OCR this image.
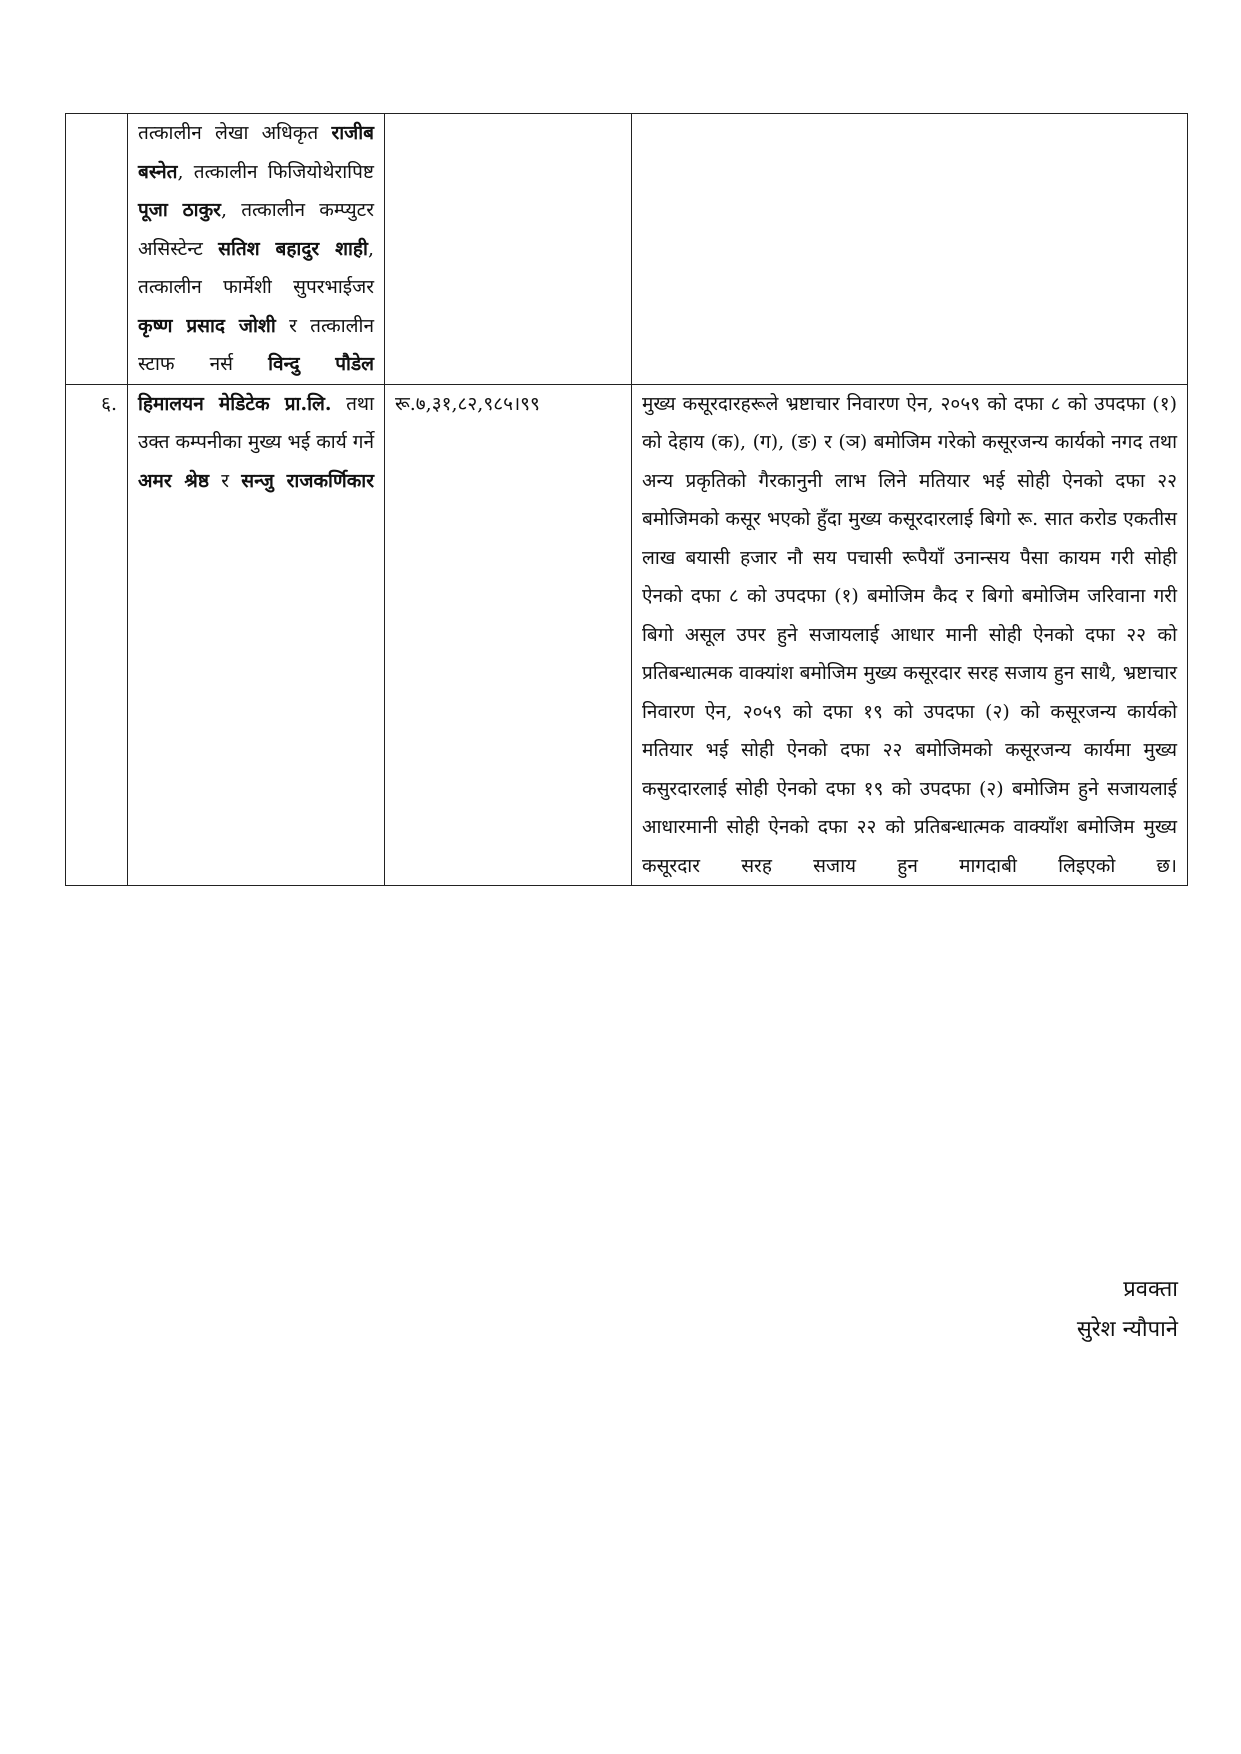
	तत्कालीन लेखा अधिकृत राजीब बस्नेत, तत्कालीन फिजियोथेरापिष्ट पूजा ठाकुर, तत्कालीन कम्प्युटर असिस्टेन्ट सतिश बहादुर शाही, तत्कालीन फार्मेशी सुपरभाईजर कृष्ण प्रसाद जोशी र तत्कालीन स्टाफ नर्स विन्दु पौडेल		
६.	हिमालयन मेडिटेक प्रा.लि. तथा उक्त कम्पनीका मुख्य भई कार्य गर्ने अमर श्रेष्ठ र सन्जु राजकर्णिकार	रू.७,३१,८२,९८५।९९	मुख्य कसूरदारहरूले भ्रष्टाचार निवारण ऐन, २०५९ को दफा ८ को उपदफा (१) को देहाय (क), (ग), (ङ) र (ञ) बमोजिम गरेको कसूरजन्य कार्यको नगद तथा अन्य प्रकृतिको गैरकानुनी लाभ लिने मतियार भई सोही ऐनको दफा २२ बमोजिमको कसूर भएको हुँदा मुख्य कसूरदारलाई बिगो रू. सात करोड एकतीस लाख बयासी हजार नौ सय पचासी रूपैयाँ उनान्सय पैसा कायम गरी सोही ऐनको दफा ८ को उपदफा (१) बमोजिम कैद र बिगो बमोजिम जरिवाना गरी बिगो असूल उपर हुने सजायलाई आधार मानी सोही ऐनको दफा २२ को प्रतिबन्धात्मक वाक्यांश बमोजिम मुख्य कसूरदार सरह सजाय हुन साथै, भ्रष्टाचार निवारण ऐन, २०५९ को दफा १९ को उपदफा (२) को कसूरजन्य कार्यको मतियार भई सोही ऐनको दफा २२ बमोजिमको कसूरजन्य कार्यमा मुख्य कसुरदारलाई सोही ऐनको दफा १९ को उपदफा (२) बमोजिम हुने सजायलाई आधारमानी सोही ऐनको दफा २२ को प्रतिबन्धात्मक वाक्याँश बमोजिम मुख्य कसूरदार सरह सजाय हुन मागदाबी लिइएको छ।
प्रवक्ता
सुरेश न्यौपाने
